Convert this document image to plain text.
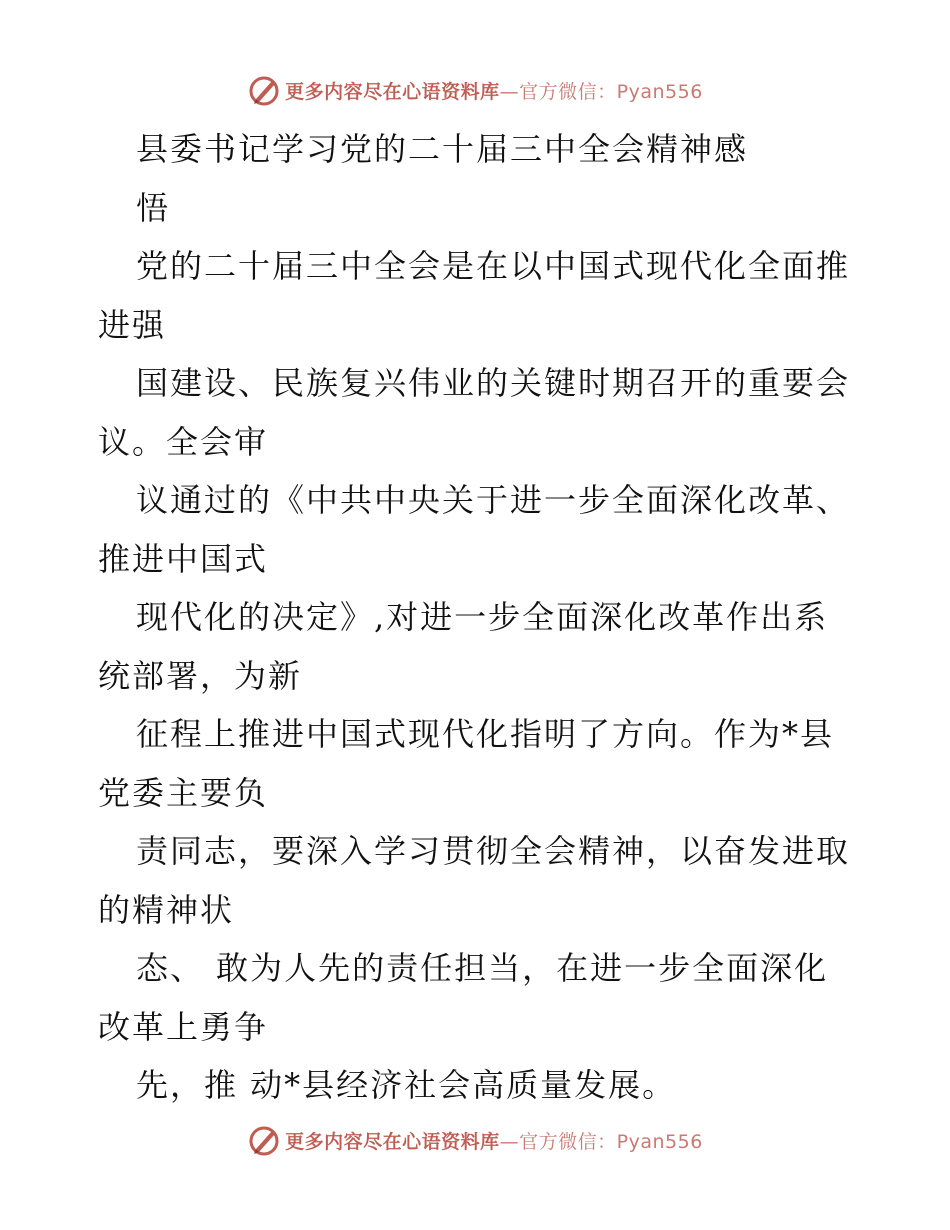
更多内容尽在心语资料库—官方微信：Pyan556
县委书记学习党的二十届三中全会精神感
悟
党的二十届三中全会是在以中国式现代化全面推
进强
国建设、民族复兴伟业的关键时期召开的重要会
议。全会审
议通过的《中共中央关于进一步全面深化改革、
推进中国式
现代化的决定》,对进一步全面深化改革作出系
统部署，为新
征程上推进中国式现代化指明了方向。作为*县
党委主要负
责同志，要深入学习贯彻全会精神，以奋发进取
的精神状
态、 敢为人先的责任担当，在进一步全面深化
改革上勇争
先，推 动*县经济社会高质量发展。
更多内容尽在心语资料库—官方微信：Pyan556
